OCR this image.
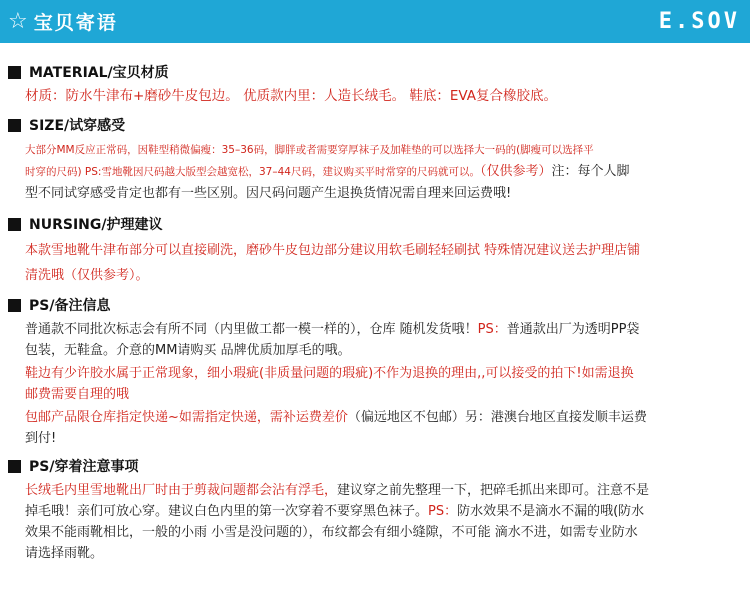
☆ 宝贝寄语	E.SOV
MATERIAL/宝贝材质
材质：防水牛津布+磨砂牛皮包边。 优质款内里：人造长绒毛。 鞋底：EVA复合橡胶底。
SIZE/试穿感受
大部分MM反应正常码，因鞋型稍微偏瘦：35–36码，脚胖或者需要穿厚袜子及加鞋垫的可以选择大一码的(脚瘦可以选择平
时穿的尺码) PS:雪地靴因尺码越大版型会越宽松，37–44尺码，建议购买平时常穿的尺码就可以。（仅供参考）注：每个人脚
型不同试穿感受肯定也都有一些区别。因尺码问题产生退换货情况需自理来回运费哦!
NURSING/护理建议
本款雪地靴牛津布部分可以直接刷洗，磨砂牛皮包边部分建议用软毛刷轻轻刷拭 特殊情况建议送去护理店铺
清洗哦（仅供参考）。
PS/备注信息
普通款不同批次标志会有所不同（内里做工都一模一样的），仓库 随机发货哦！PS：普通款出厂为透明PP袋
包装，无鞋盒。介意的MM请购买 品牌优质加厚毛的哦。
鞋边有少许胶水属于正常现象，细小瑕疵(非质量问题的瑕疵)不作为退换的理由,,可以接受的拍下!如需退换
邮费需要自理的哦
包邮产品限仓库指定快递~如需指定快递，需补运费差价（偏远地区不包邮）另：港澳台地区直接发顺丰运费
到付!
PS/穿着注意事项
长绒毛内里雪地靴出厂时由于剪裁问题都会沾有浮毛，建议穿之前先整理一下，把碎毛抓出来即可。注意不是
掉毛哦！亲们可放心穿。建议白色内里的第一次穿着不要穿黑色袜子。PS：防水效果不是滴水不漏的哦(防水
效果不能雨靴相比，一般的小雨 小雪是没问题的），布纹都会有细小缝隙，不可能 滴水不进，如需专业防水
请选择雨靴。
